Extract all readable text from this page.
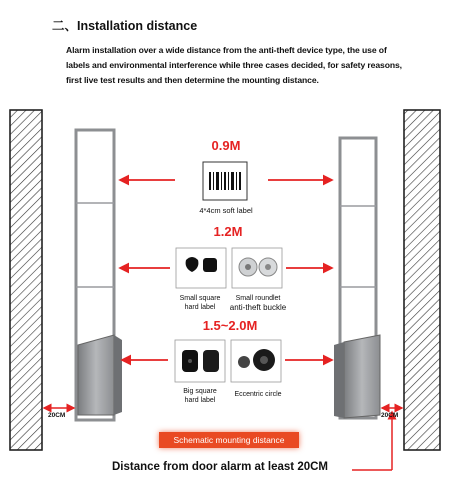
二、Installation distance
Alarm installation over a wide distance from the anti-theft device type, the use of
labels and environmental interference while three cases decided, for safety reasons,
first live test results and then determine the mounting distance.
0.9M
1.2M
1.5~2.0M
4*4cm soft label
Small square
hard label
Small roundlet
anti-theft buckle
Big square
hard label
Eccentric circle
20CM	20CM
Schematic mounting distance
Distance from door alarm at least 20CM
